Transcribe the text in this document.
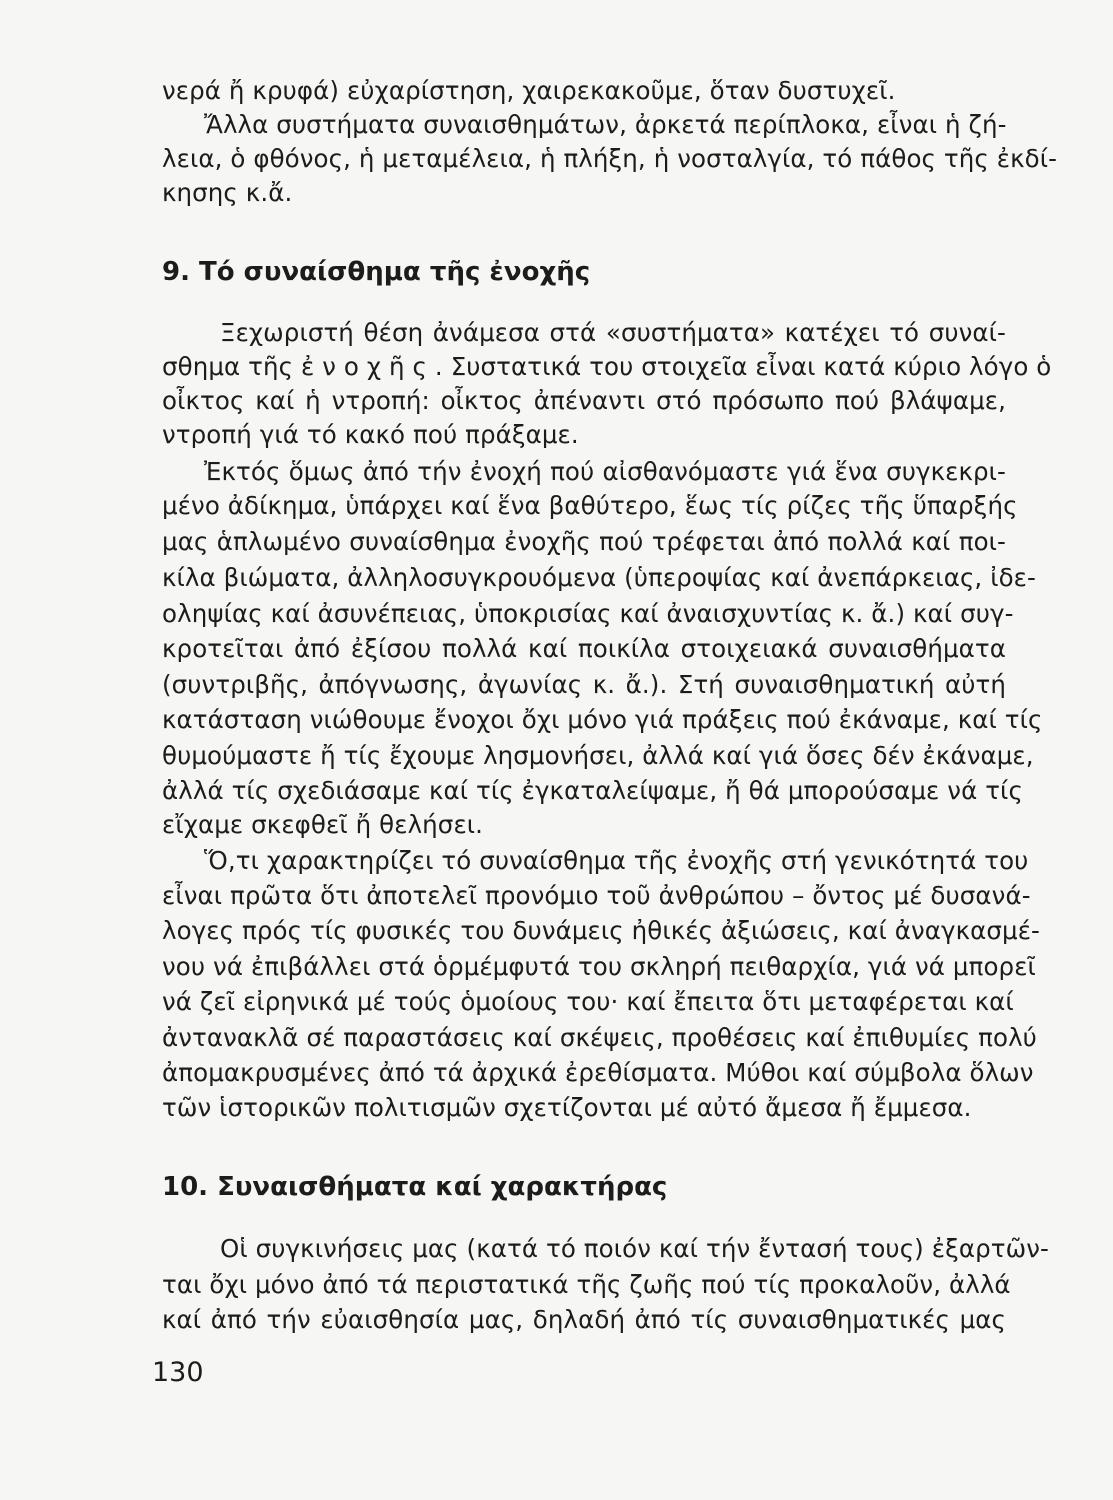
νερά ἤ κρυφά) εὐχαρίστηση, χαιρεκακοῦμε, ὅταν δυστυχεῖ.
Ἄλλα συστήματα συναισθημάτων, ἀρκετά περίπλοκα, εἶναι ἡ ζή-
λεια, ὁ φθόνος, ἡ μεταμέλεια, ἡ πλήξη, ἡ νοσταλγία, τό πάθος τῆς ἐκδί-
κησης κ.ἄ.
9. Τό συναίσθημα τῆς ἐνοχῆς
Ξεχωριστή θέση ἀνάμεσα στά «συστήματα» κατέχει τό συναί-
σθημα τῆς ἐ ν ο χ ῆ ς . Συστατικά του στοιχεῖα εἶναι κατά κύριο λόγο ὁ
οἶκτος καί ἡ ντροπή: οἶκτος ἀπέναντι στό πρόσωπο πού βλάψαμε,
ντροπή γιά τό κακό πού πράξαμε.
Ἐκτός ὅμως ἀπό τήν ἐνοχή πού αἰσθανόμαστε γιά ἕνα συγκεκρι-
μένο ἀδίκημα, ὑπάρχει καί ἕνα βαθύτερο, ἕως τίς ρίζες τῆς ὕπαρξής
μας ἁπλωμένο συναίσθημα ἐνοχῆς πού τρέφεται ἀπό πολλά καί ποι-
κίλα βιώματα, ἀλληλοσυγκρουόμενα (ὑπεροψίας καί ἀνεπάρκειας, ἰδε-
οληψίας καί ἀσυνέπειας, ὑποκρισίας καί ἀναισχυντίας κ. ἄ.) καί συγ-
κροτεῖται ἀπό ἐξίσου πολλά καί ποικίλα στοιχειακά συναισθήματα
(συντριβῆς, ἀπόγνωσης, ἀγωνίας κ. ἄ.). Στή συναισθηματική αὐτή
κατάσταση νιώθουμε ἔνοχοι ὄχι μόνο γιά πράξεις πού ἐκάναμε, καί τίς
θυμούμαστε ἤ τίς ἔχουμε λησμονήσει, ἀλλά καί γιά ὅσες δέν ἐκάναμε,
ἀλλά τίς σχεδιάσαμε καί τίς ἐγκαταλείψαμε, ἤ θά μπορούσαμε νά τίς
εἴχαμε σκεφθεῖ ἤ θελήσει.
Ὅ,τι χαρακτηρίζει τό συναίσθημα τῆς ἐνοχῆς στή γενικότητά του
εἶναι πρῶτα ὅτι ἀποτελεῖ προνόμιο τοῦ ἀνθρώπου – ὄντος μέ δυσανά-
λογες πρός τίς φυσικές του δυνάμεις ἠθικές ἀξιώσεις, καί ἀναγκασμέ-
νου νά ἐπιβάλλει στά ὁρμέμφυτά του σκληρή πειθαρχία, γιά νά μπορεῖ
νά ζεῖ εἰρηνικά μέ τούς ὁμοίους του· καί ἔπειτα ὅτι μεταφέρεται καί
ἀντανακλᾶ σέ παραστάσεις καί σκέψεις, προθέσεις καί ἐπιθυμίες πολύ
ἀπομακρυσμένες ἀπό τά ἀρχικά ἐρεθίσματα. Μύθοι καί σύμβολα ὅλων
τῶν ἱστορικῶν πολιτισμῶν σχετίζονται μέ αὐτό ἄμεσα ἤ ἔμμεσα.
10. Συναισθήματα καί χαρακτήρας
Οἱ συγκινήσεις μας (κατά τό ποιόν καί τήν ἔντασή τους) ἐξαρτῶν-
ται ὄχι μόνο ἀπό τά περιστατικά τῆς ζωῆς πού τίς προκαλοῦν, ἀλλά
καί ἀπό τήν εὐαισθησία μας, δηλαδή ἀπό τίς συναισθηματικές μας
130
